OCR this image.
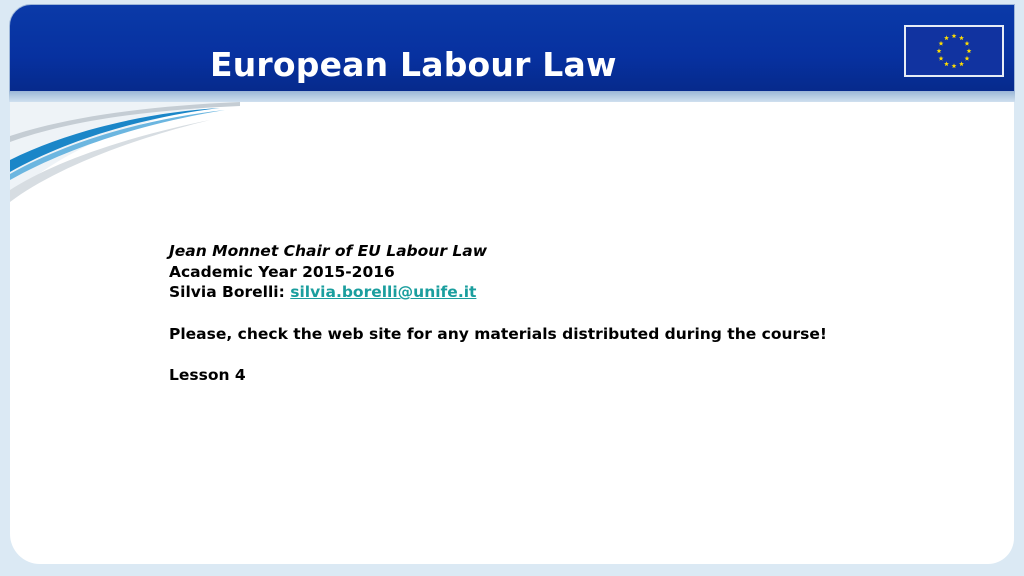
European Labour Law

Jean Monnet Chair of EU Labour Law

Academic Year 2015-2016

Silvia Borelli: silvia.borelli@unife.it

Please, check the web site for any materials distributed during the course!

Lesson 4
